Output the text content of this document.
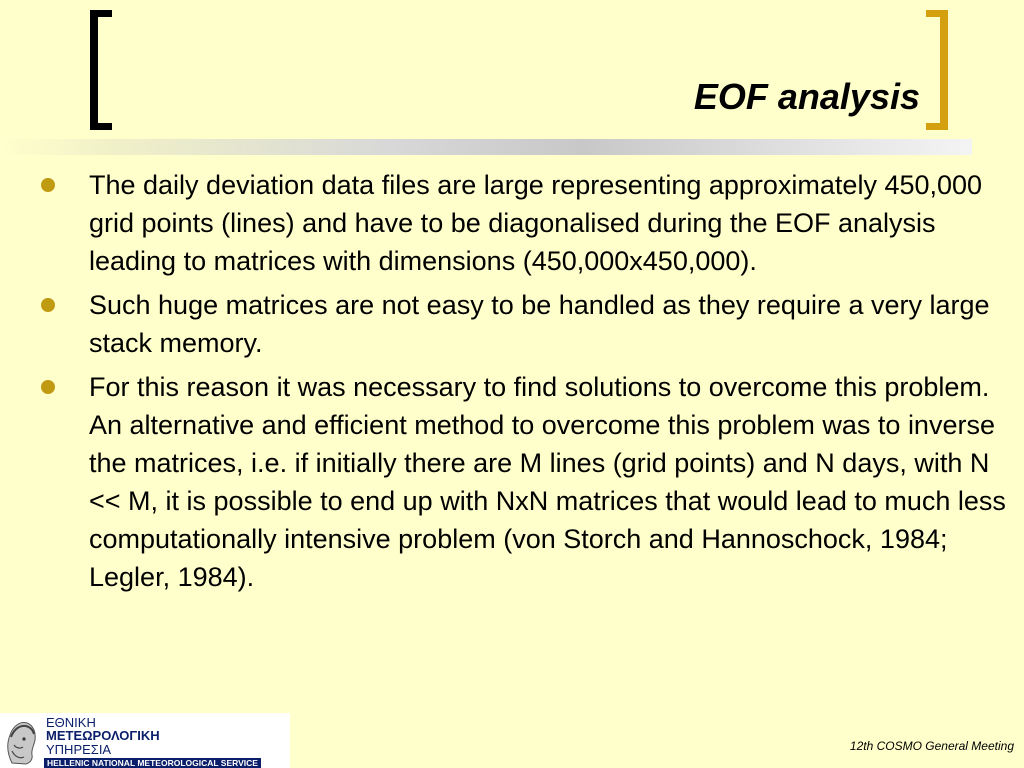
EOF analysis
The daily deviation data files are large representing approximately 450,000 grid points (lines) and have to be diagonalised during the EOF analysis leading to matrices with dimensions (450,000x450,000).
Such huge matrices are not easy to be handled as they require a very large stack memory.
For this reason it was necessary to find solutions to overcome this problem. An alternative and efficient method to overcome this problem was to inverse the matrices, i.e. if initially there are M lines (grid points) and N days, with N << M, it is possible to end up with NxN matrices that would lead to much less computationally intensive problem (von Storch and Hannoschock, 1984; Legler, 1984).
ΕΘΝΙΚΗ
ΜΕΤΕΩΡΟΛΟΓΙΚΗ
ΥΠΗΡΕΣΙΑ
HELLENIC NATIONAL METEOROLOGICAL SERVICE
12th COSMO General Meeting
